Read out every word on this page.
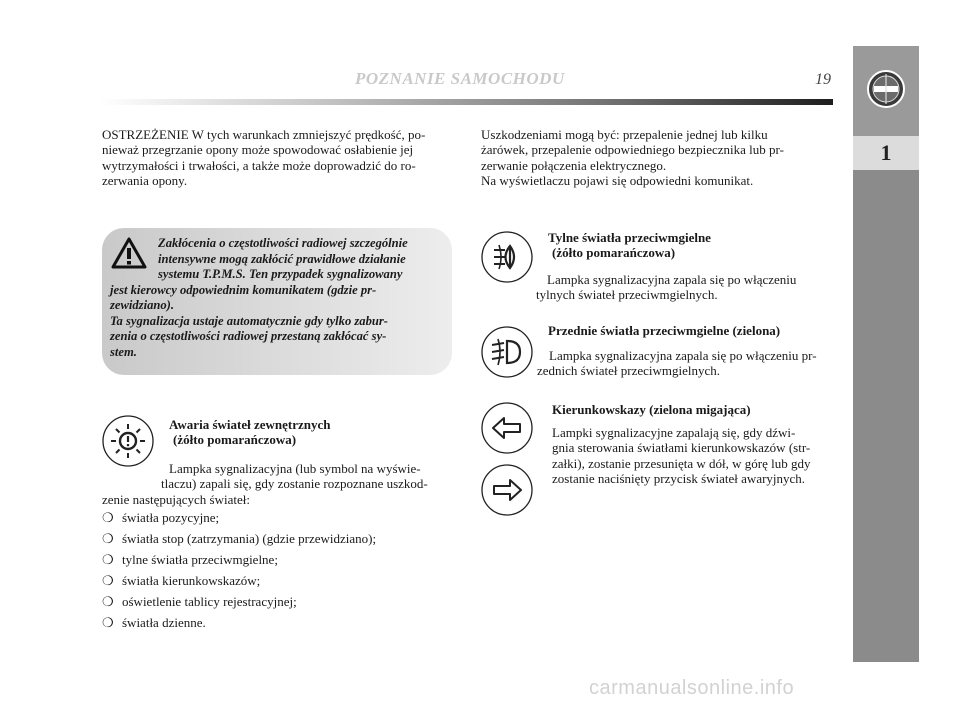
POZNANIE SAMOCHODU	19
1
OSTRZEŻENIE W tych warunkach zmniejszyć prędkość, po-
nieważ przegrzanie opony może spowodować osłabienie jej
wytrzymałości i trwałości, a także może doprowadzić do ro-
zerwania opony.
Zakłócenia o częstotliwości radiowej szczególnie
intensywne mogą zakłócić prawidłowe działanie
systemu T.P.M.S. Ten przypadek sygnalizowany
jest kierowcy odpowiednim komunikatem (gdzie pr-
zewidziano).
Ta sygnalizacja ustaje automatycznie gdy tylko zabur-
zenia o częstotliwości radiowej przestaną zakłócać sy-
stem.
Awaria świateł zewnętrznych
(żółto pomarańczowa)
Lampka sygnalizacyjna (lub symbol na wyświe-
tlaczu) zapali się, gdy zostanie rozpoznane uszkod-
zenie następujących świateł:
❍ światła pozycyjne;
❍ światła stop (zatrzymania) (gdzie przewidziano);
❍ tylne światła przeciwmgielne;
❍ światła kierunkowskazów;
❍ oświetlenie tablicy rejestracyjnej;
❍ światła dzienne.
Uszkodzeniami mogą być: przepalenie jednej lub kilku
żarówek, przepalenie odpowiedniego bezpiecznika lub pr-
zerwanie połączenia elektrycznego.
Na wyświetlaczu pojawi się odpowiedni komunikat.
Tylne światła przeciwmgielne
(żółto pomarańczowa)
Lampka sygnalizacyjna zapala się po włączeniu
tylnych świateł przeciwmgielnych.
Przednie światła przeciwmgielne (zielona)
Lampka sygnalizacyjna zapala się po włączeniu pr-
zednich świateł przeciwmgielnych.
Kierunkowskazy (zielona migająca)
Lampki sygnalizacyjne zapalają się, gdy dźwi-
gnia sterowania światłami kierunkowskazów (str-
załki), zostanie przesunięta w dół, w górę lub gdy
zostanie naciśnięty przycisk świateł awaryjnych.
carmanualsonline.info
